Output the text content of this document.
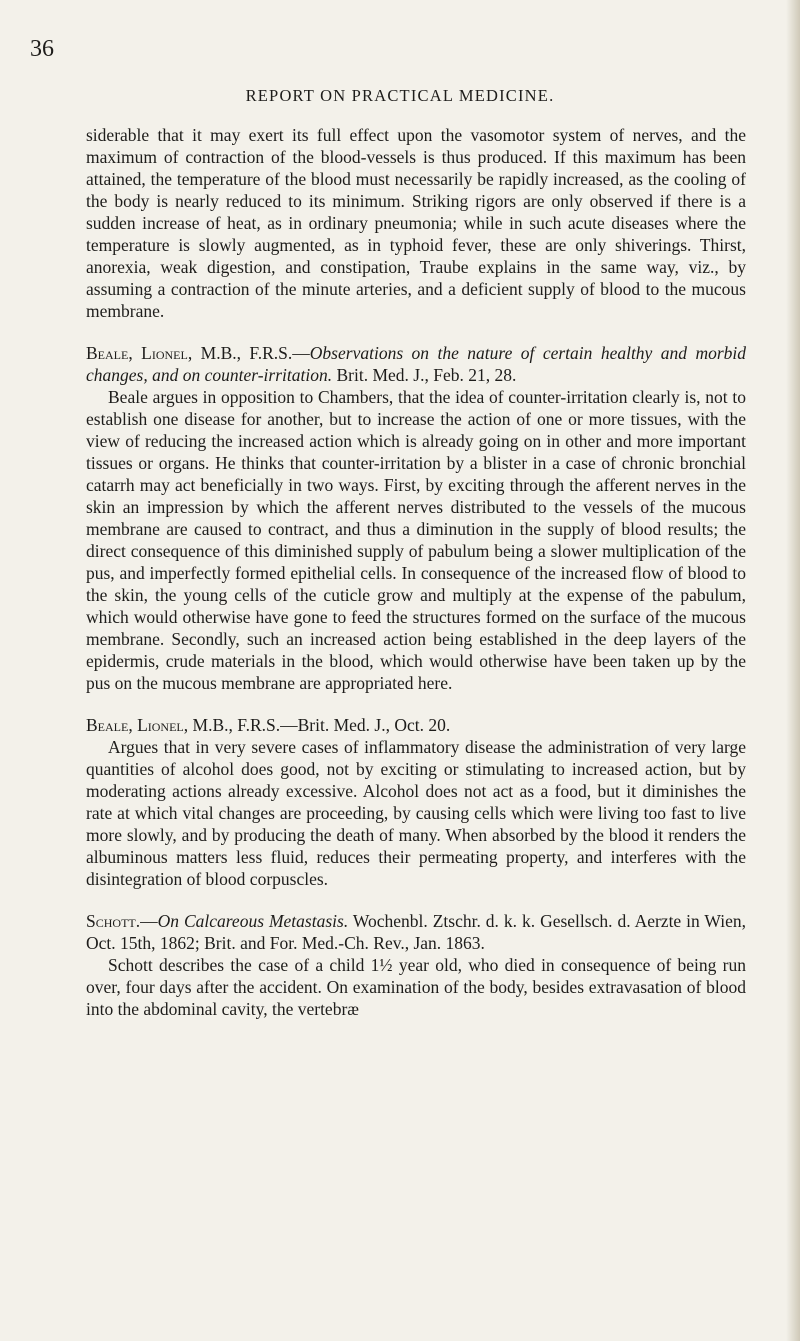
36
REPORT ON PRACTICAL MEDICINE.

siderable that it may exert its full effect upon the vasomotor system of nerves, and the maximum of contraction of the blood-vessels is thus produced. If this maximum has been attained, the temperature of the blood must necessarily be rapidly increased, as the cooling of the body is nearly reduced to its minimum. Striking rigors are only observed if there is a sudden increase of heat, as in ordinary pneumonia; while in such acute diseases where the temperature is slowly augmented, as in typhoid fever, these are only shiverings. Thirst, anorexia, weak digestion, and constipation, Traube explains in the same way, viz., by assuming a contraction of the minute arteries, and a deficient supply of blood to the mucous membrane.

Beale, Lionel, M.B., F.R.S.—Observations on the nature of certain healthy and morbid changes, and on counter-irritation. Brit. Med. J., Feb. 21, 28.

Beale argues in opposition to Chambers, that the idea of counter-irritation clearly is, not to establish one disease for another, but to increase the action of one or more tissues, with the view of reducing the increased action which is already going on in other and more important tissues or organs. He thinks that counter-irritation by a blister in a case of chronic bronchial catarrh may act beneficially in two ways. First, by exciting through the afferent nerves in the skin an impression by which the afferent nerves distributed to the vessels of the mucous membrane are caused to contract, and thus a diminution in the supply of blood results; the direct consequence of this diminished supply of pabulum being a slower multiplication of the pus, and imperfectly formed epithelial cells. In consequence of the increased flow of blood to the skin, the young cells of the cuticle grow and multiply at the expense of the pabulum, which would otherwise have gone to feed the structures formed on the surface of the mucous membrane. Secondly, such an increased action being established in the deep layers of the epidermis, crude materials in the blood, which would otherwise have been taken up by the pus on the mucous membrane are appropriated here.

Beale, Lionel, M.B., F.R.S.—Brit. Med. J., Oct. 20.

Argues that in very severe cases of inflammatory disease the administration of very large quantities of alcohol does good, not by exciting or stimulating to increased action, but by moderating actions already excessive. Alcohol does not act as a food, but it diminishes the rate at which vital changes are proceeding, by causing cells which were living too fast to live more slowly, and by producing the death of many. When absorbed by the blood it renders the albuminous matters less fluid, reduces their permeating property, and interferes with the disintegration of blood corpuscles.

Schott.—On Calcareous Metastasis. Wochenbl. Ztschr. d. k. k. Gesellsch. d. Aerzte in Wien, Oct. 15th, 1862; Brit. and For. Med.-Ch. Rev., Jan. 1863.

Schott describes the case of a child 1½ year old, who died in consequence of being run over, four days after the accident. On examination of the body, besides extravasation of blood into the abdominal cavity, the vertebræ
